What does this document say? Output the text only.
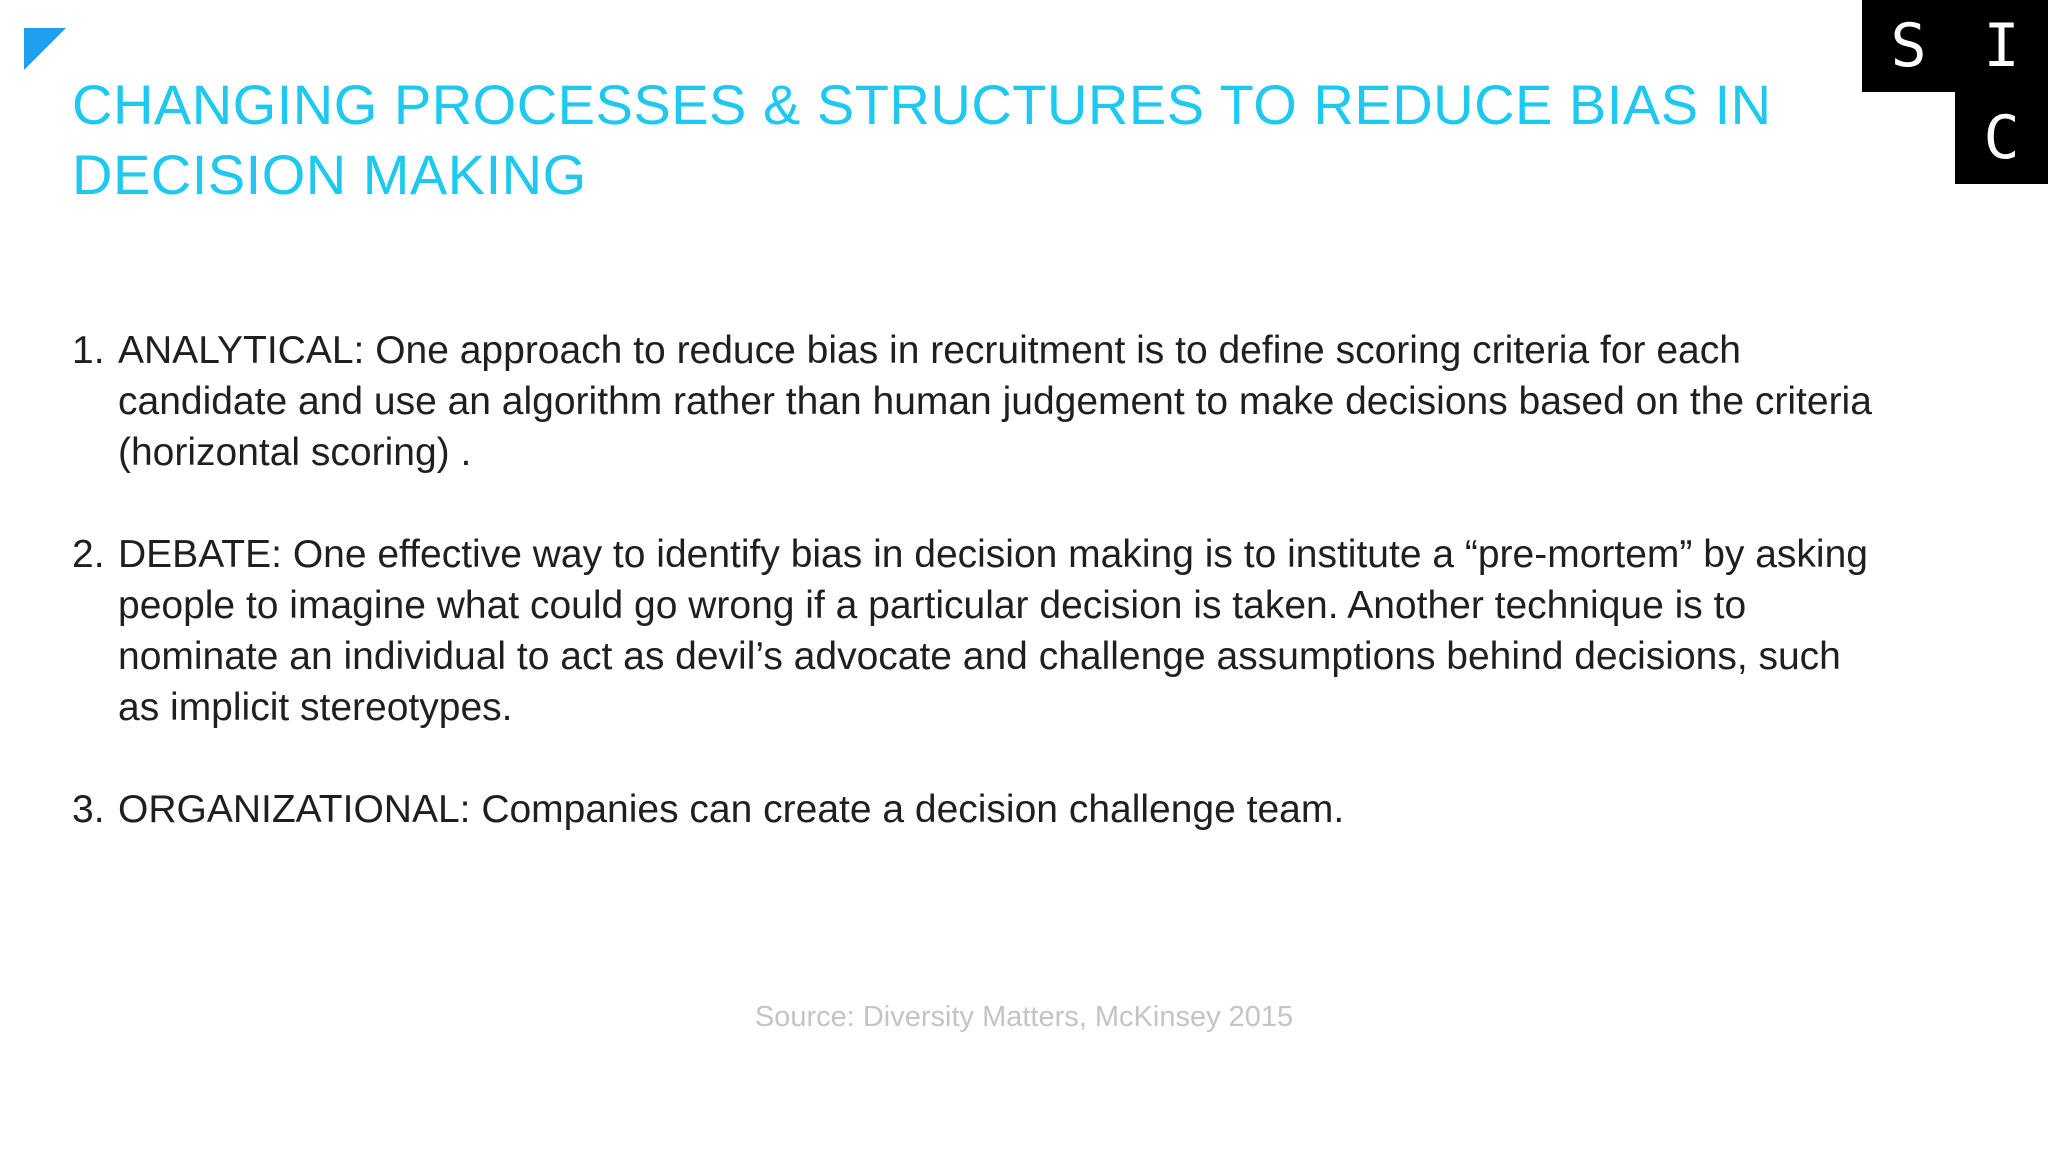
S I
C
CHANGING PROCESSES & STRUCTURES TO REDUCE BIAS IN DECISION MAKING
1. ANALYTICAL: One approach to reduce bias in recruitment is to define scoring criteria for each candidate and use an algorithm rather than human judgement to make decisions based on the criteria (horizontal scoring) .
2. DEBATE: One effective way to identify bias in decision making is to institute a “pre-mortem” by asking people to imagine what could go wrong if a particular decision is taken. Another technique is to nominate an individual to act as devil’s advocate and challenge assumptions behind decisions, such as implicit stereotypes.
3. ORGANIZATIONAL: Companies can create a decision challenge team.
Source: Diversity Matters, McKinsey 2015
